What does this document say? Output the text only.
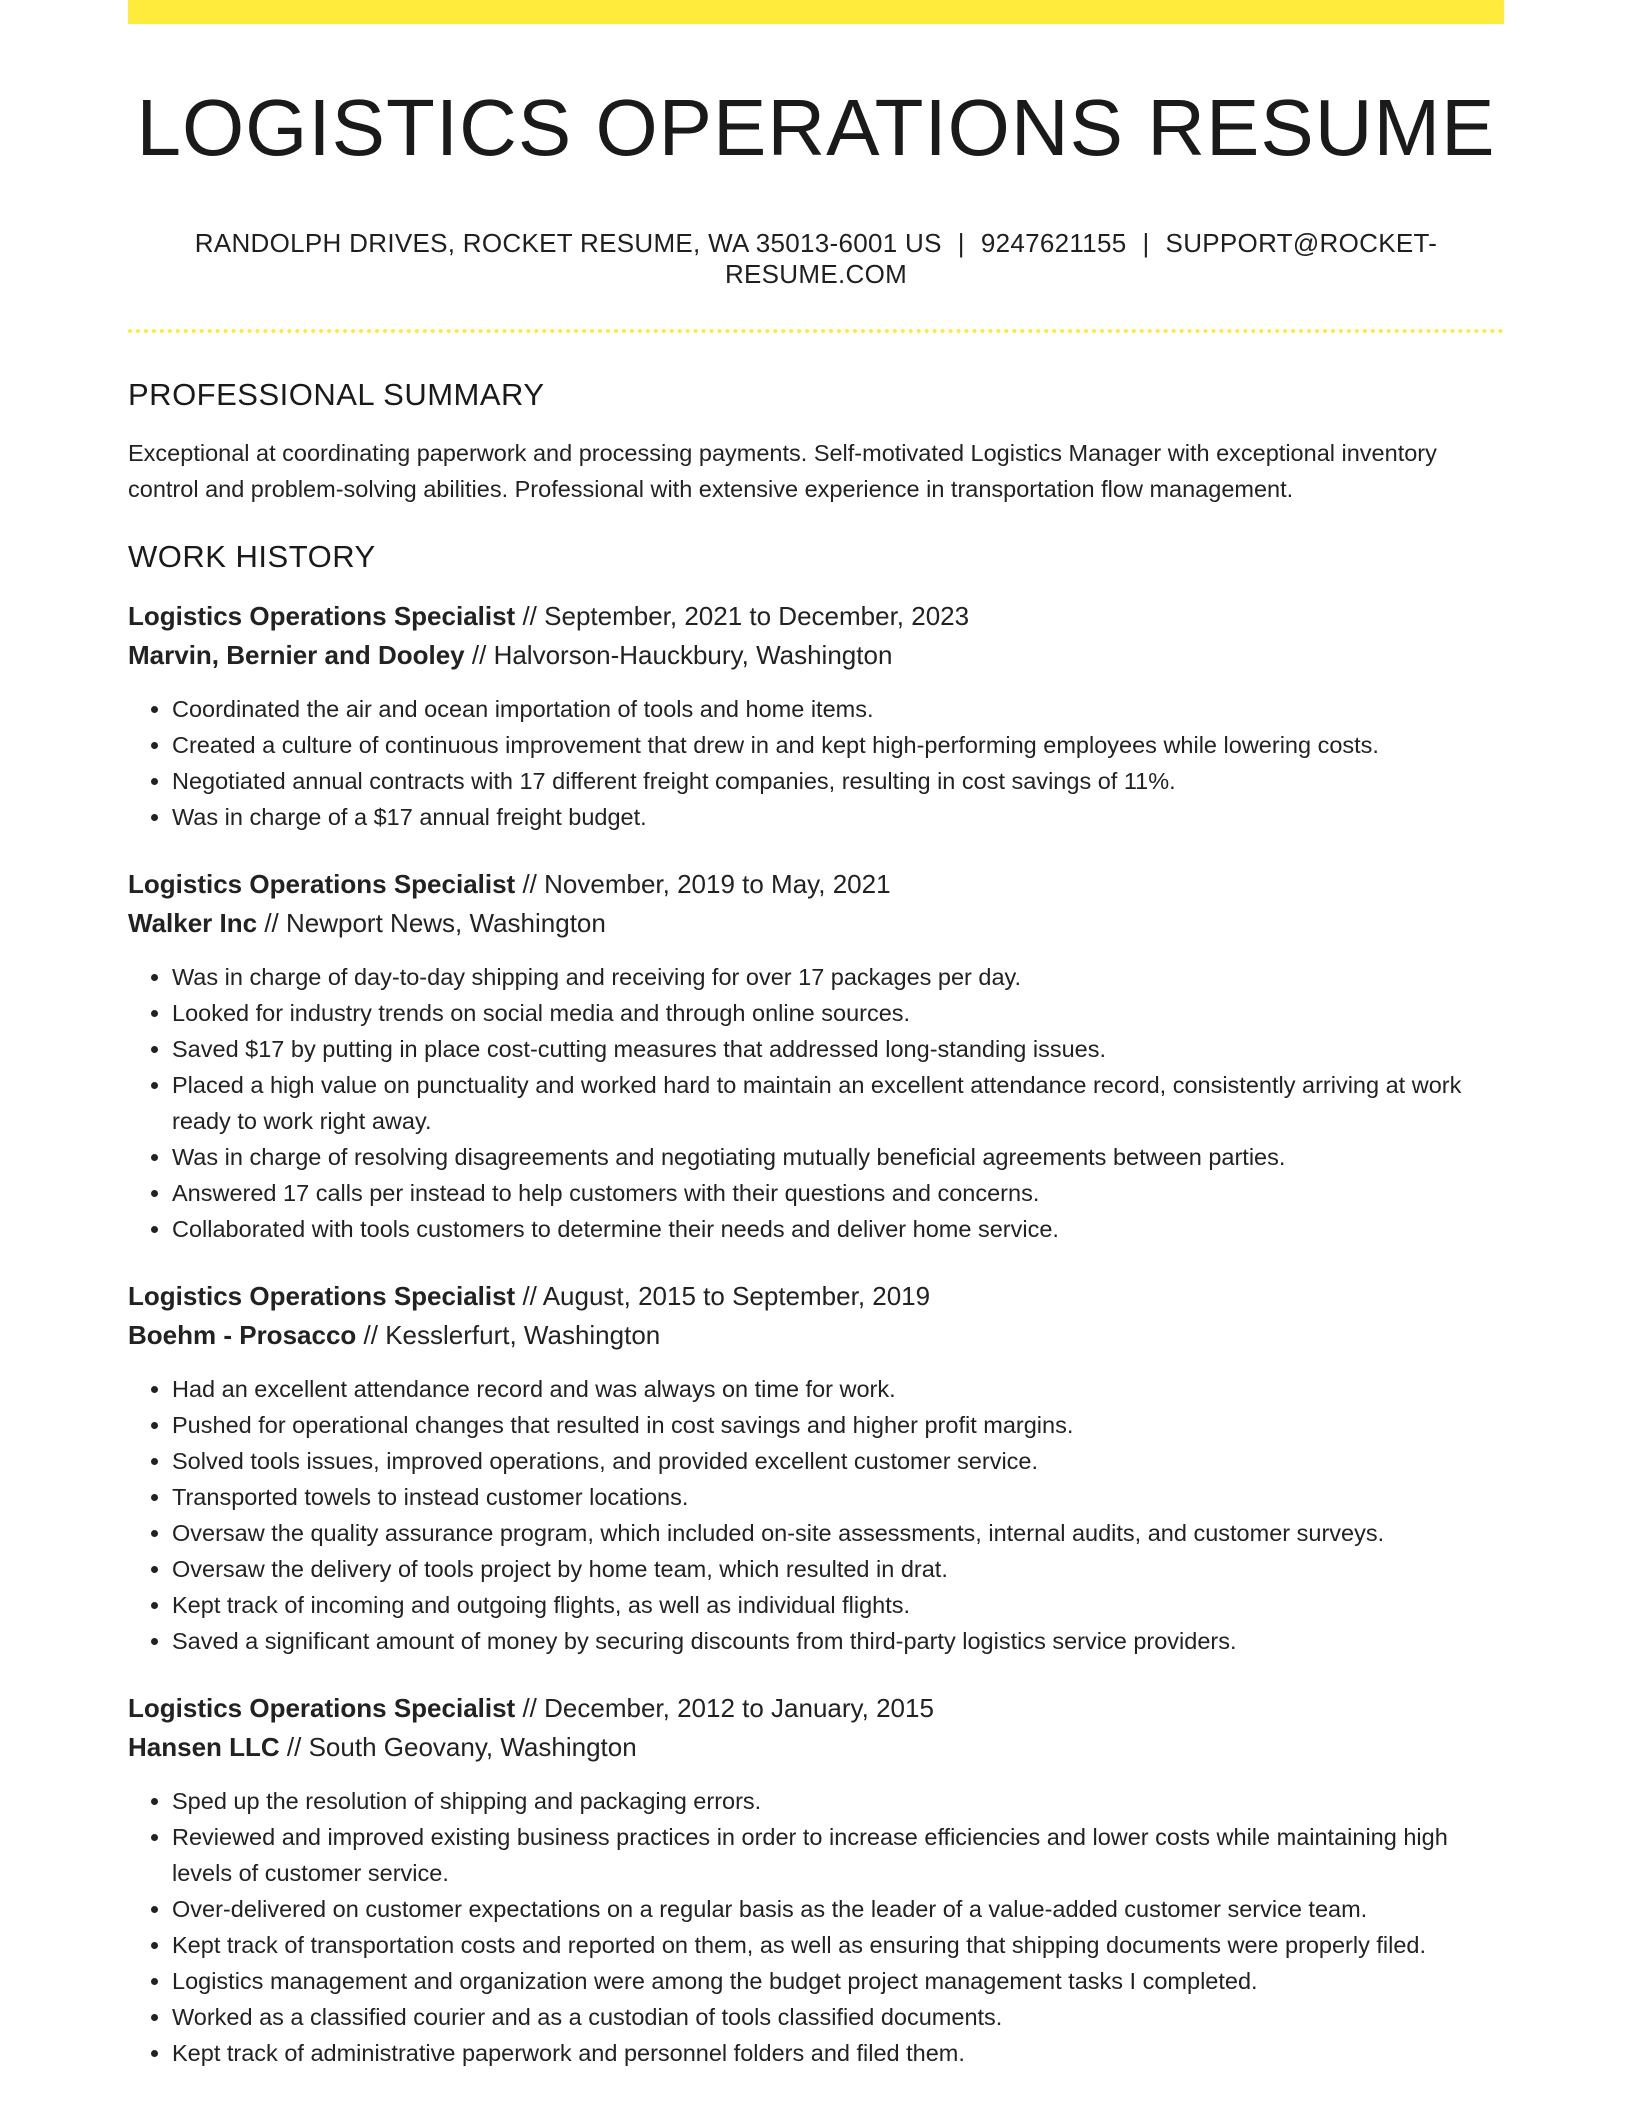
LOGISTICS OPERATIONS RESUME
RANDOLPH DRIVES, ROCKET RESUME, WA 35013-6001 US | 9247621155 | SUPPORT@ROCKET-RESUME.COM
PROFESSIONAL SUMMARY

Exceptional at coordinating paperwork and processing payments. Self-motivated Logistics Manager with exceptional inventory control and problem-solving abilities. Professional with extensive experience in transportation flow management.

WORK HISTORY
Logistics Operations Specialist // September, 2021 to December, 2023
Marvin, Bernier and Dooley // Halvorson-Hauckbury, Washington
• Coordinated the air and ocean importation of tools and home items.
• Created a culture of continuous improvement that drew in and kept high-performing employees while lowering costs.
• Negotiated annual contracts with 17 different freight companies, resulting in cost savings of 11%.
• Was in charge of a $17 annual freight budget.
Logistics Operations Specialist // November, 2019 to May, 2021
Walker Inc // Newport News, Washington
• Was in charge of day-to-day shipping and receiving for over 17 packages per day.
• Looked for industry trends on social media and through online sources.
• Saved $17 by putting in place cost-cutting measures that addressed long-standing issues.
• Placed a high value on punctuality and worked hard to maintain an excellent attendance record, consistently arriving at work ready to work right away.
• Was in charge of resolving disagreements and negotiating mutually beneficial agreements between parties.
• Answered 17 calls per instead to help customers with their questions and concerns.
• Collaborated with tools customers to determine their needs and deliver home service.
Logistics Operations Specialist // August, 2015 to September, 2019
Boehm - Prosacco // Kesslerfurt, Washington
• Had an excellent attendance record and was always on time for work.
• Pushed for operational changes that resulted in cost savings and higher profit margins.
• Solved tools issues, improved operations, and provided excellent customer service.
• Transported towels to instead customer locations.
• Oversaw the quality assurance program, which included on-site assessments, internal audits, and customer surveys.
• Oversaw the delivery of tools project by home team, which resulted in drat.
• Kept track of incoming and outgoing flights, as well as individual flights.
• Saved a significant amount of money by securing discounts from third-party logistics service providers.
Logistics Operations Specialist // December, 2012 to January, 2015
Hansen LLC // South Geovany, Washington
• Sped up the resolution of shipping and packaging errors.
• Reviewed and improved existing business practices in order to increase efficiencies and lower costs while maintaining high levels of customer service.
• Over-delivered on customer expectations on a regular basis as the leader of a value-added customer service team.
• Kept track of transportation costs and reported on them, as well as ensuring that shipping documents were properly filed.
• Logistics management and organization were among the budget project management tasks I completed.
• Worked as a classified courier and as a custodian of tools classified documents.
• Kept track of administrative paperwork and personnel folders and filed them.
